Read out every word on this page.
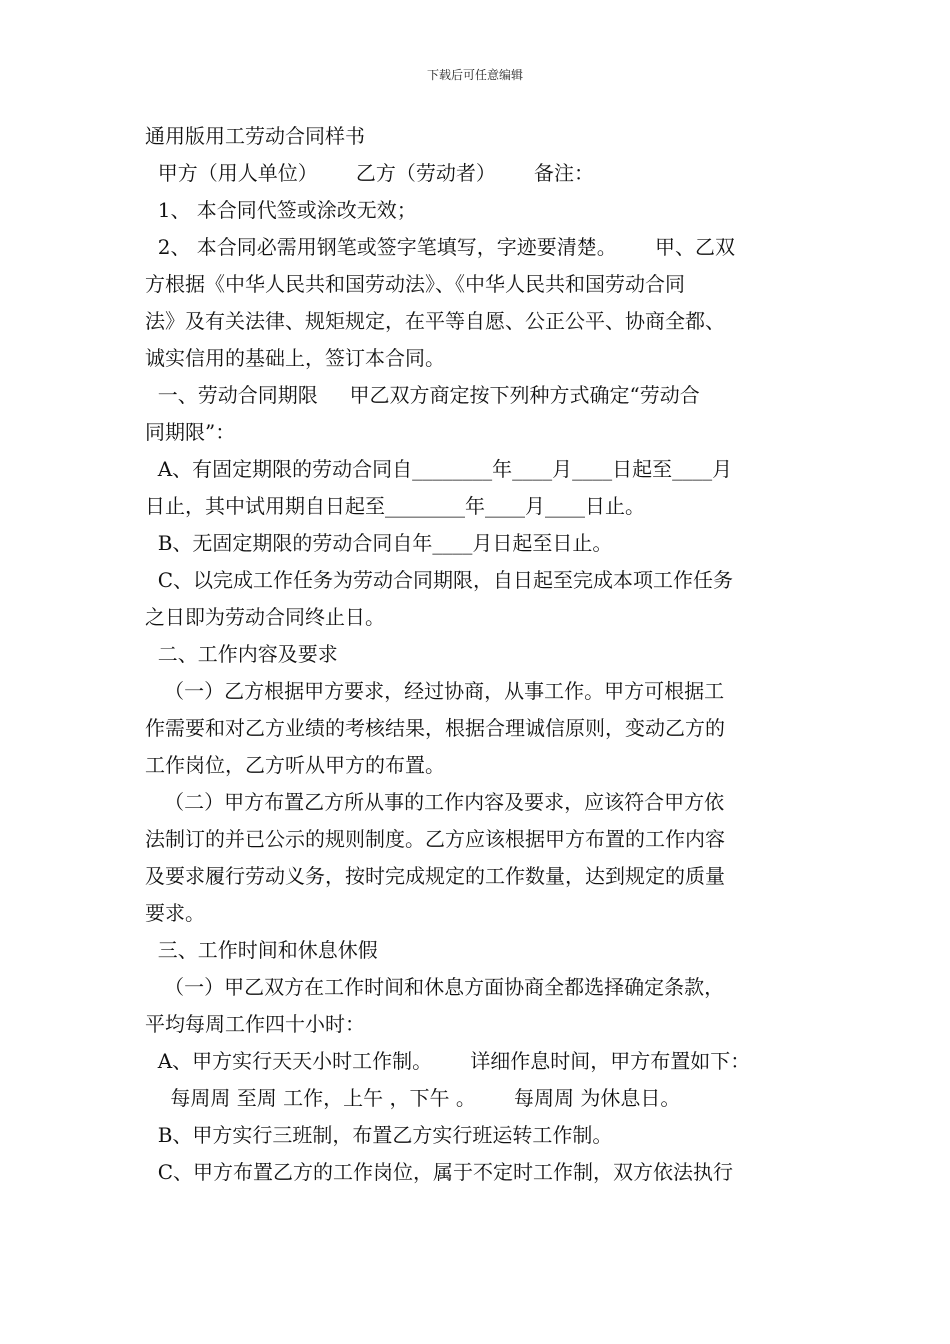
下载后可任意编辑
通用版用工劳动合同样书
甲方（用人单位）      乙方（劳动者）      备注：
1、 本合同代签或涂改无效；
2、 本合同必需用钢笔或签字笔填写，字迹要清楚。      甲、乙双
方根据《中华人民共和国劳动法》、《中华人民共和国劳动合同
法》及有关法律、规矩规定，在平等自愿、公正公平、协商全都、
诚实信用的基础上，签订本合同。
一、劳动合同期限     甲乙双方商定按下列种方式确定“劳动合
同期限”：
A、有固定期限的劳动合同自________年____月____日起至____月
日止，其中试用期自日起至________年____月____日止。
B、无固定期限的劳动合同自年____月日起至日止。
C、以完成工作任务为劳动合同期限，自日起至完成本项工作任务
之日即为劳动合同终止日。
二、工作内容及要求
（一）乙方根据甲方要求，经过协商，从事工作。甲方可根据工
作需要和对乙方业绩的考核结果，根据合理诚信原则，变动乙方的
工作岗位，乙方听从甲方的布置。
（二）甲方布置乙方所从事的工作内容及要求，应该符合甲方依
法制订的并已公示的规则制度。乙方应该根据甲方布置的工作内容
及要求履行劳动义务，按时完成规定的工作数量，达到规定的质量
要求。
三、工作时间和休息休假
（一）甲乙双方在工作时间和休息方面协商全都选择确定条款，
平均每周工作四十小时：
A、甲方实行天天小时工作制。      详细作息时间，甲方布置如下：
每周周 至周 工作，上午 ，下午 。      每周周 为休息日。
B、甲方实行三班制，布置乙方实行班运转工作制。
C、甲方布置乙方的工作岗位，属于不定时工作制，双方依法执行
